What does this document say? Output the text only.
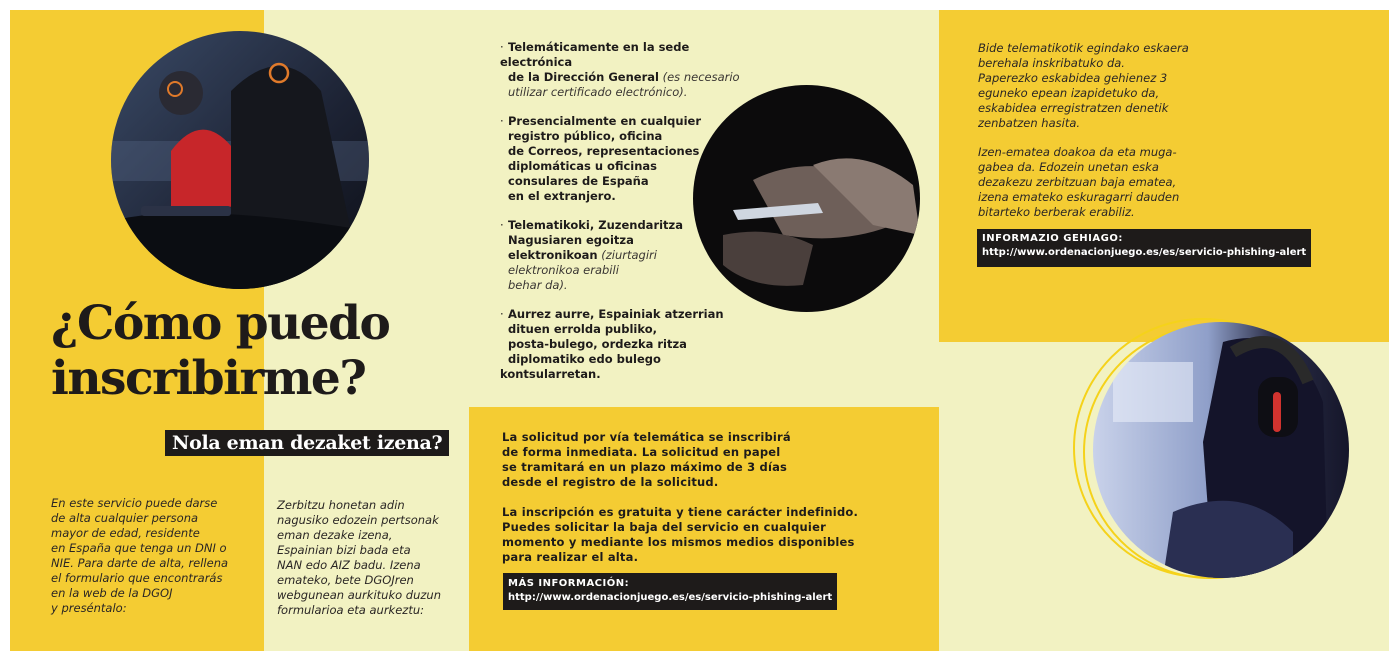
¿Cómo puedo
inscribirme?
Nola eman dezaket izena?

En este servicio puede darse

de alta cualquier persona

mayor de edad, residente

en España que tenga un DNI o

NIE. Para darte de alta, rellena

el formulario que encontrarás

en la web de la DGOJ

y preséntalo:

Zerbitzu honetan adin

nagusiko edozein pertsonak

eman dezake izena,

Espainian bizi bada eta

NAN edo AIZ badu. Izena

emateko, bete DGOJren

webgunean aurkituko duzun

formularioa eta aurkeztu:

· Telemáticamente en la sede electrónica
de la Dirección General (es necesario
utilizar certificado electrónico).
· Presencialmente en cualquier
registro público, oficina
de Correos, representaciones
diplomáticas u oficinas
consulares de España
en el extranjero.
· Telematikoki, Zuzendaritza
Nagusiaren egoitza
elektronikoan (ziurtagiri
elektronikoa erabili
behar da).
· Aurrez aurre, Espainiak atzerrian
dituen errolda publiko,
posta-bulego, ordezka ritza
diplomatiko edo bulego kontsularretan.

La solicitud por vía telemática se inscribirá
de forma inmediata. La solicitud en papel
se tramitará en un plazo máximo de 3 días
desde el registro de la solicitud.

La inscripción es gratuita y tiene carácter indefinido.
Puedes solicitar la baja del servicio en cualquier
momento y mediante los mismos medios disponibles
para realizar el alta.

MÁS INFORMACIÓN:
http://www.ordenacionjuego.es/es/servicio-phishing-alert

Bide telematikotik egindako eskaera

berehala inskribatuko da.

Paperezko eskabidea gehienez 3

eguneko epean izapidetuko da,

eskabidea erregistratzen denetik

zenbatzen hasita.

Izen-ematea doakoa da eta muga-

gabea da. Edozein unetan eska

dezakezu zerbitzuan baja ematea,

izena emateko eskuragarri dauden

bitarteko berberak erabiliz.

INFORMAZIO GEHIAGO:
http://www.ordenacionjuego.es/es/servicio-phishing-alert
